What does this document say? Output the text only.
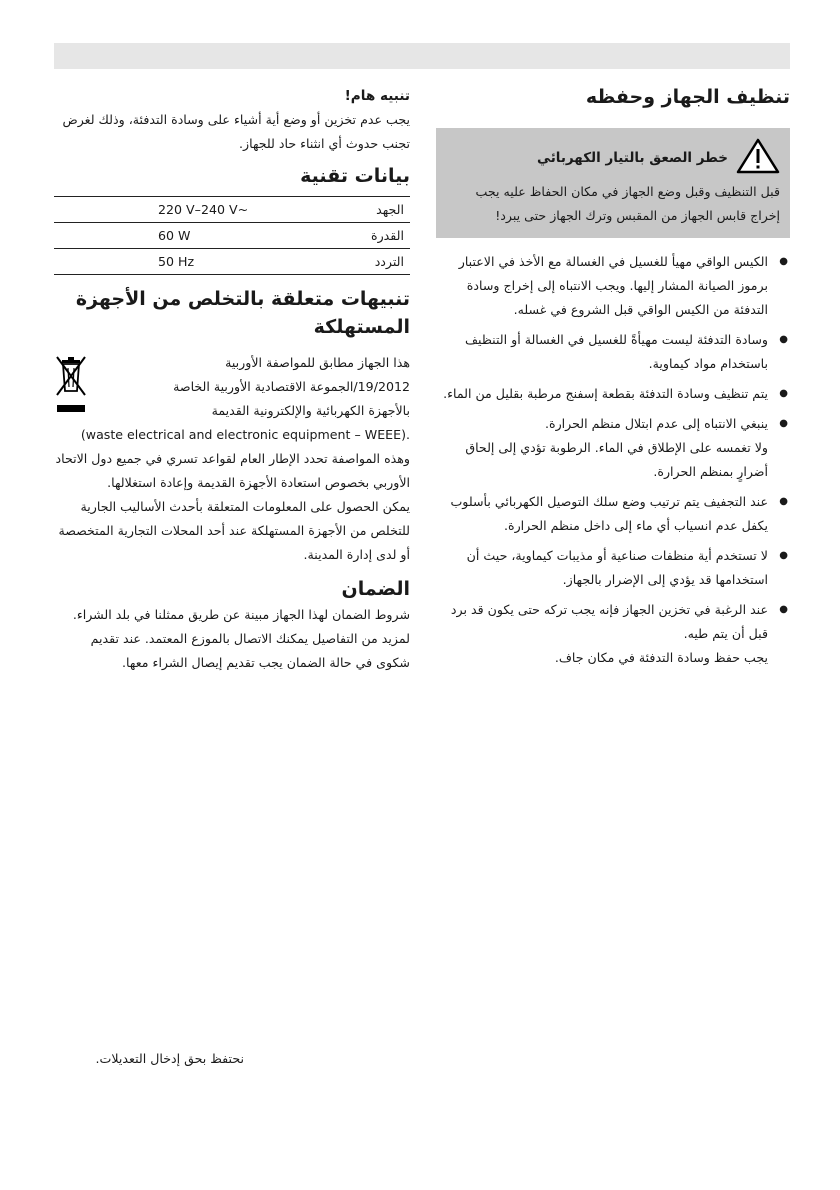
تنظيف الجهاز وحفظه

خطر الصعق بالتيار الكهربائي

قبل التنظيف وقبل وضع الجهاز في مكان الحفاظ عليه يجب إخراج قابس الجهاز من المقبس وترك الجهاز حتى يبرد!

●

الكيس الواقي مهيأ للغسيل في الغسالة مع الأخذ في الاعتبار برموز الصيانة المشار إليها. ويجب الانتباه إلى إخراج وسادة التدفئة من الكيس الواقي قبل الشروع في غسله.

●

وسادة التدفئة ليست مهيأةً للغسيل في الغسالة أو التنظيف باستخدام مواد كيماوية.

●

يتم تنظيف وسادة التدفئة بقطعة إسفنج مرطبة بقليل من الماء.

●

ينبغي الانتباه إلى عدم ابتلال منظم الحرارة.

ولا تغمسه على الإطلاق في الماء. الرطوبة تؤدي إلى إلحاق أضرارٍ بمنظم الحرارة.

●

عند التجفيف يتم ترتيب وضع سلك التوصيل الكهربائي بأسلوب يكفل عدم انسياب أي ماء إلى داخل منظم الحرارة.

●

لا تستخدم أية منظفات صناعية أو مذيبات كيماوية، حيث أن استخدامها قد يؤدي إلى الإضرار بالجهاز.

●

عند الرغبة في تخزين الجهاز فإنه يجب تركه حتى يكون قد برد قبل أن يتم طيه.

يجب حفظ وسادة التدفئة في مكان جاف.

تنبيه هام!

يجب عدم تخزين أو وضع أية أشياء على وسادة التدفئة، وذلك لغرض تجنب حدوث أي انثناء حاد للجهاز.

بيانات تقنية

الجهد	220 V–240 V~
القدرة	60 W
التردد	50 Hz

تنبيهات متعلقة بالتخلص من الأجهزة المستهلكة

هذا الجهاز مطابق للمواصفة الأوربية

19/2012/الجموعة الاقتصادية الأوربية الخاصة

بالأجهزة الكهربائية والإلكترونية القديمة

(waste electrical and electronic equipment – WEEE).

وهذه المواصفة تحدد الإطار العام لقواعد تسري في جميع دول الاتحاد الأوربي بخصوص استعادة الأجهزة القديمة وإعادة استغلالها.

يمكن الحصول على المعلومات المتعلقة بأحدث الأساليب الجارية للتخلص من الأجهزة المستهلكة عند أحد المحلات التجارية المتخصصة أو لدى إدارة المدينة.

الضمان

شروط الضمان لهذا الجهاز مبينة عن طريق ممثلنا في بلد الشراء. لمزيد من التفاصيل يمكنك الاتصال بالموزع المعتمد. عند تقديم شكوى في حالة الضمان يجب تقديم إيصال الشراء معها.

نحتفظ بحق إدخال التعديلات.
